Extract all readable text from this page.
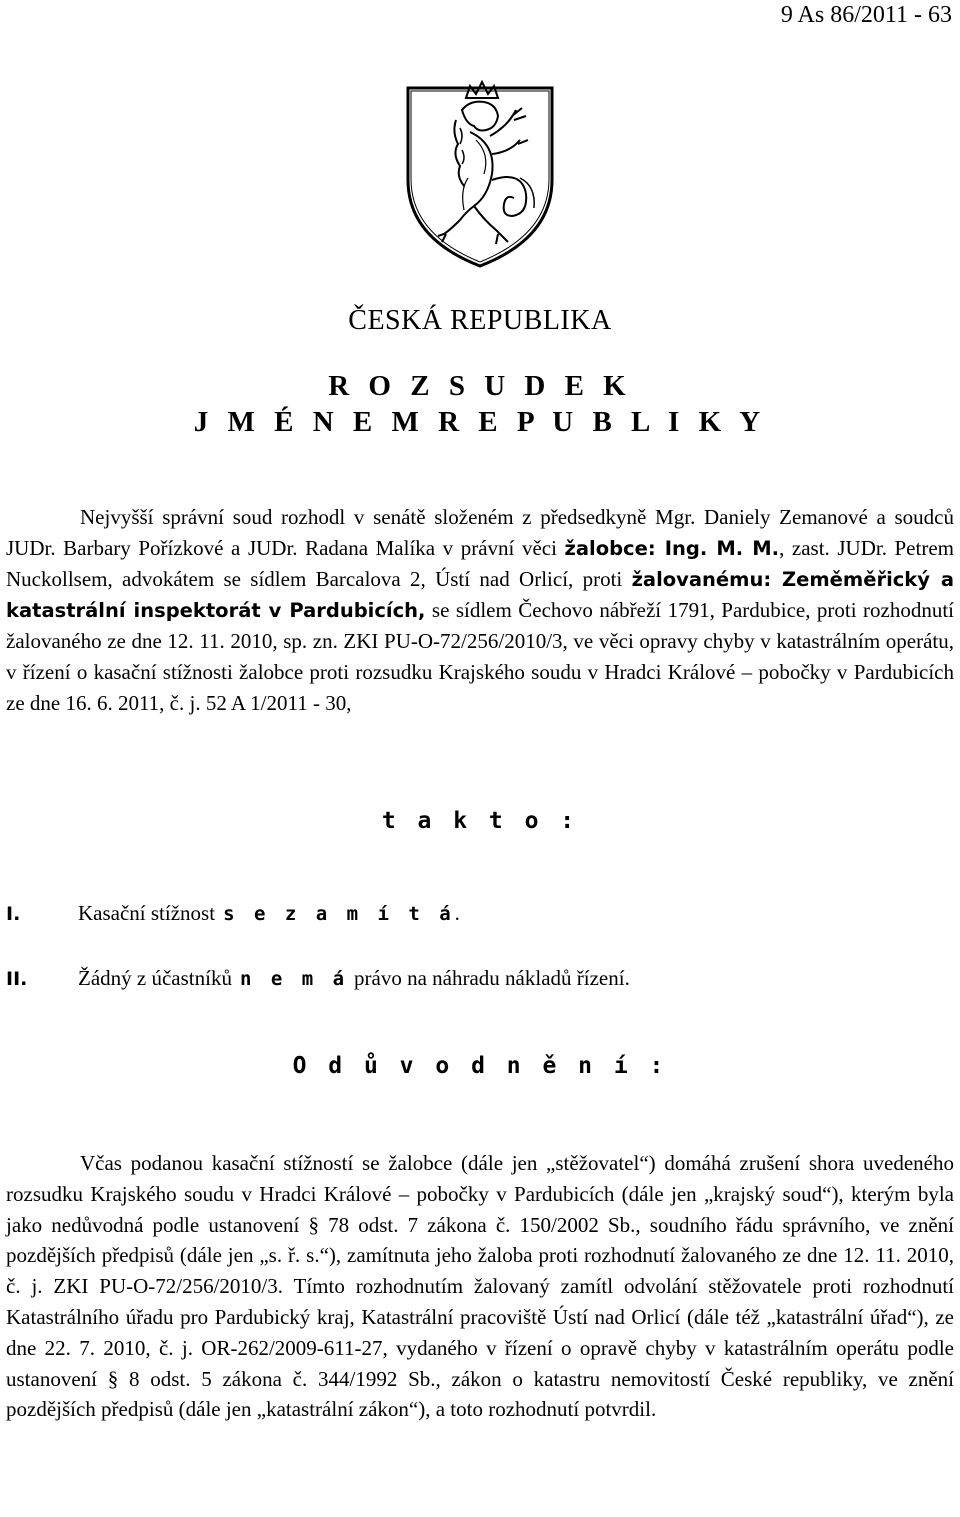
9 As 86/2011 - 63
ČESKÁ REPUBLIKA
R O Z S U D E K
J M É N E M R E P U B L I K Y

Nejvyšší správní soud rozhodl v senátě složeném z předsedkyně Mgr. Daniely Zemanové a soudců JUDr. Barbary Pořízkové a JUDr. Radana Malíka v právní věci žalobce: Ing. M. M., zast. JUDr. Petrem Nuckollsem, advokátem se sídlem Barcalova 2, Ústí nad Orlicí, proti žalovanému: Zeměměřický a katastrální inspektorát v Pardubicích, se sídlem Čechovo nábřeží 1791, Pardubice, proti rozhodnutí žalovaného ze dne 12. 11. 2010, sp. zn. ZKI PU-O-72/256/2010/3, ve věci opravy chyby v katastrálním operátu, v řízení o kasační stížnosti žalobce proti rozsudku Krajského soudu v Hradci Králové – pobočky v Pardubicích ze dne 16. 6. 2011, č. j. 52 A 1/2011 - 30,

t a k t o :
I.	Kasační stížnost s e z a m í t á.
II. Žádný z účastníků n e m á právo na náhradu nákladů řízení.
O d ů v o d n ě n í :

Včas podanou kasační stížností se žalobce (dále jen „stěžovatel“) domáhá zrušení shora uvedeného rozsudku Krajského soudu v Hradci Králové – pobočky v Pardubicích (dále jen „krajský soud“), kterým byla jako nedůvodná podle ustanovení § 78 odst. 7 zákona č. 150/2002 Sb., soudního řádu správního, ve znění pozdějších předpisů (dále jen „s. ř. s.“), zamítnuta jeho žaloba proti rozhodnutí žalovaného ze dne 12. 11. 2010, č. j. ZKI PU-O-72/256/2010/3. Tímto rozhodnutím žalovaný zamítl odvolání stěžovatele proti rozhodnutí Katastrálního úřadu pro Pardubický kraj, Katastrální pracoviště Ústí nad Orlicí (dále též „katastrální úřad“), ze dne 22. 7. 2010, č. j. OR-262/2009-611-27, vydaného v řízení o opravě chyby v katastrálním operátu podle ustanovení § 8 odst. 5 zákona č. 344/1992 Sb., zákon o katastru nemovitostí České republiky, ve znění pozdějších předpisů (dále jen „katastrální zákon“), a toto rozhodnutí potvrdil.
